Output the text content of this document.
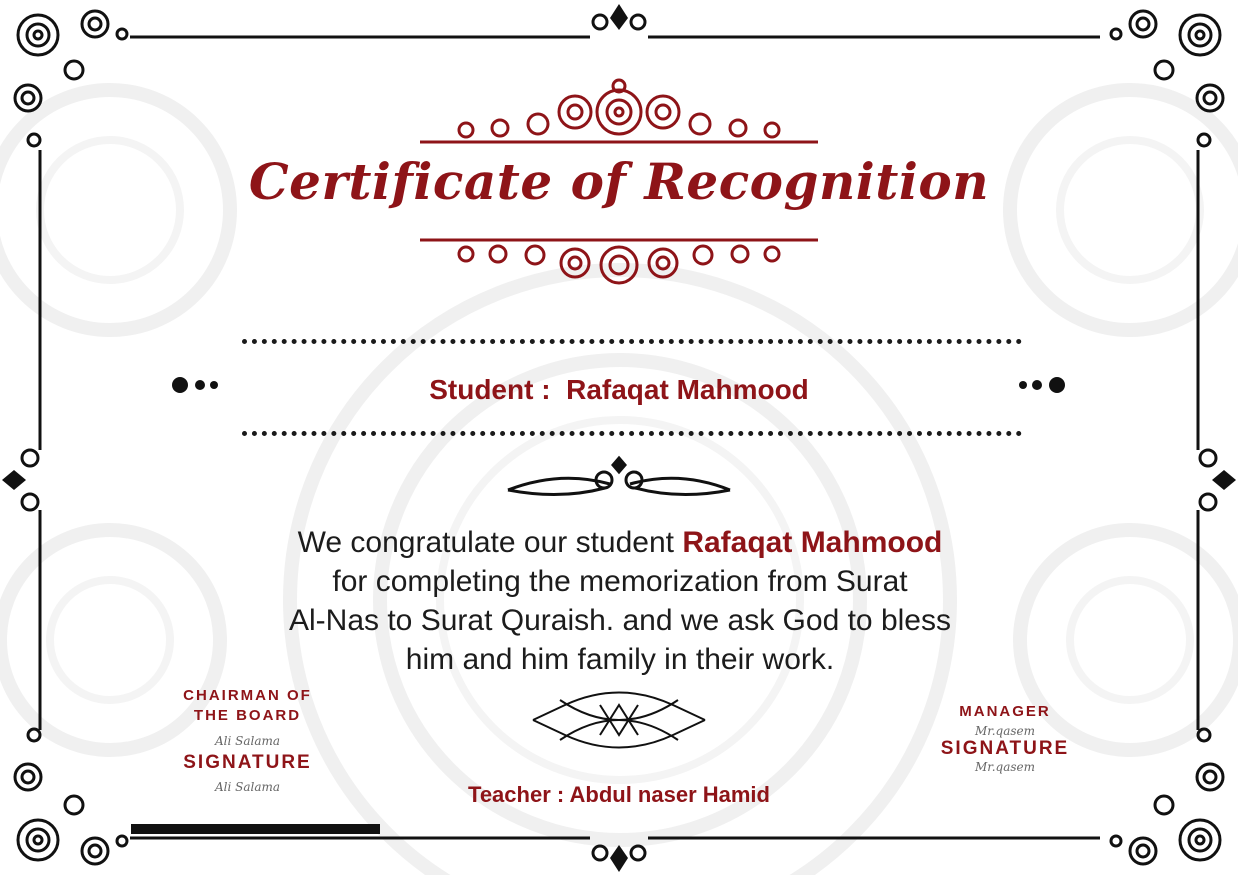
Certificate of Recognition
Student : Rafaqat Mahmood
We congratulate our student Rafaqat Mahmood
for completing the memorization from Surat
Al-Nas to Surat Quraish. and we ask God to bless
him and him family in their work.
CHAIRMAN OF
THE BOARD
Ali Salama
SIGNATURE
Ali Salama
MANAGER
Mr.qasem
SIGNATURE
Mr.qasem
Teacher : Abdul naser Hamid
